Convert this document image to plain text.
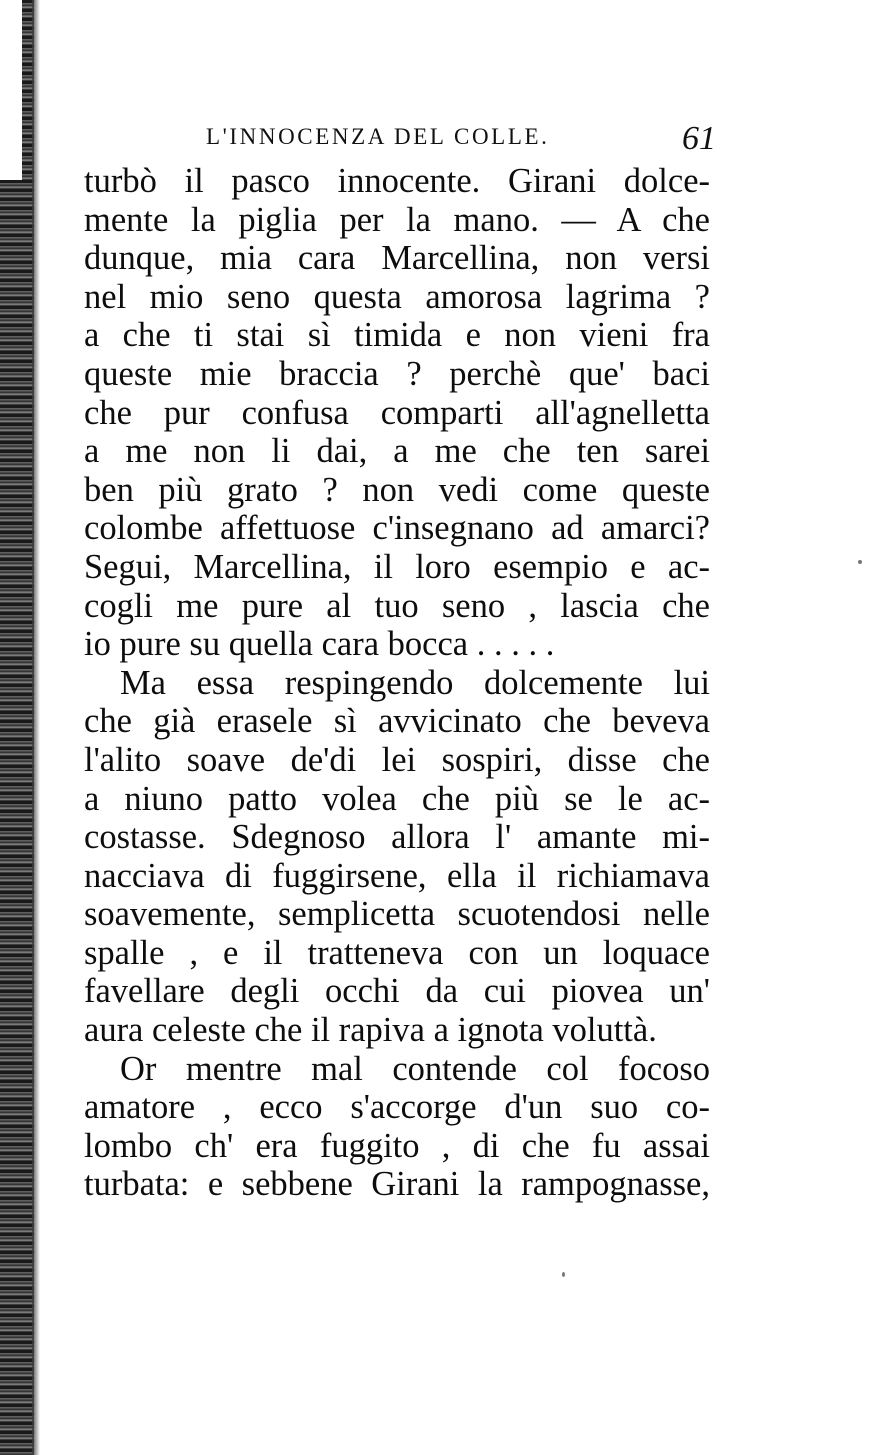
L'INNOCENZA DEL COLLE.	61
turbò il pasco innocente. Girani dolce-
mente la piglia per la mano. — A che
dunque, mia cara Marcellina, non versi
nel mio seno questa amorosa lagrima ?
a che ti stai sì timida e non vieni fra
queste mie braccia ? perchè que' baci
che pur confusa comparti all'agnelletta
a me non li dai, a me che ten sarei
ben più grato ? non vedi come queste
colombe affettuose c'insegnano ad amarci?
Segui, Marcellina, il loro esempio e ac-
cogli me pure al tuo seno , lascia che
io pure su quella cara bocca . . . . .
Ma essa respingendo dolcemente lui
che già erasele sì avvicinato che beveva
l'alito soave de'di lei sospiri, disse che
a niuno patto volea che più se le ac-
costasse. Sdegnoso allora l' amante mi-
nacciava di fuggirsene, ella il richiamava
soavemente, semplicetta scuotendosi nelle
spalle , e il tratteneva con un loquace
favellare degli occhi da cui piovea un'
aura celeste che il rapiva a ignota voluttà.
Or mentre mal contende col focoso
amatore , ecco s'accorge d'un suo co-
lombo ch' era fuggito , di che fu assai
turbata: e sebbene Girani la rampognasse,
